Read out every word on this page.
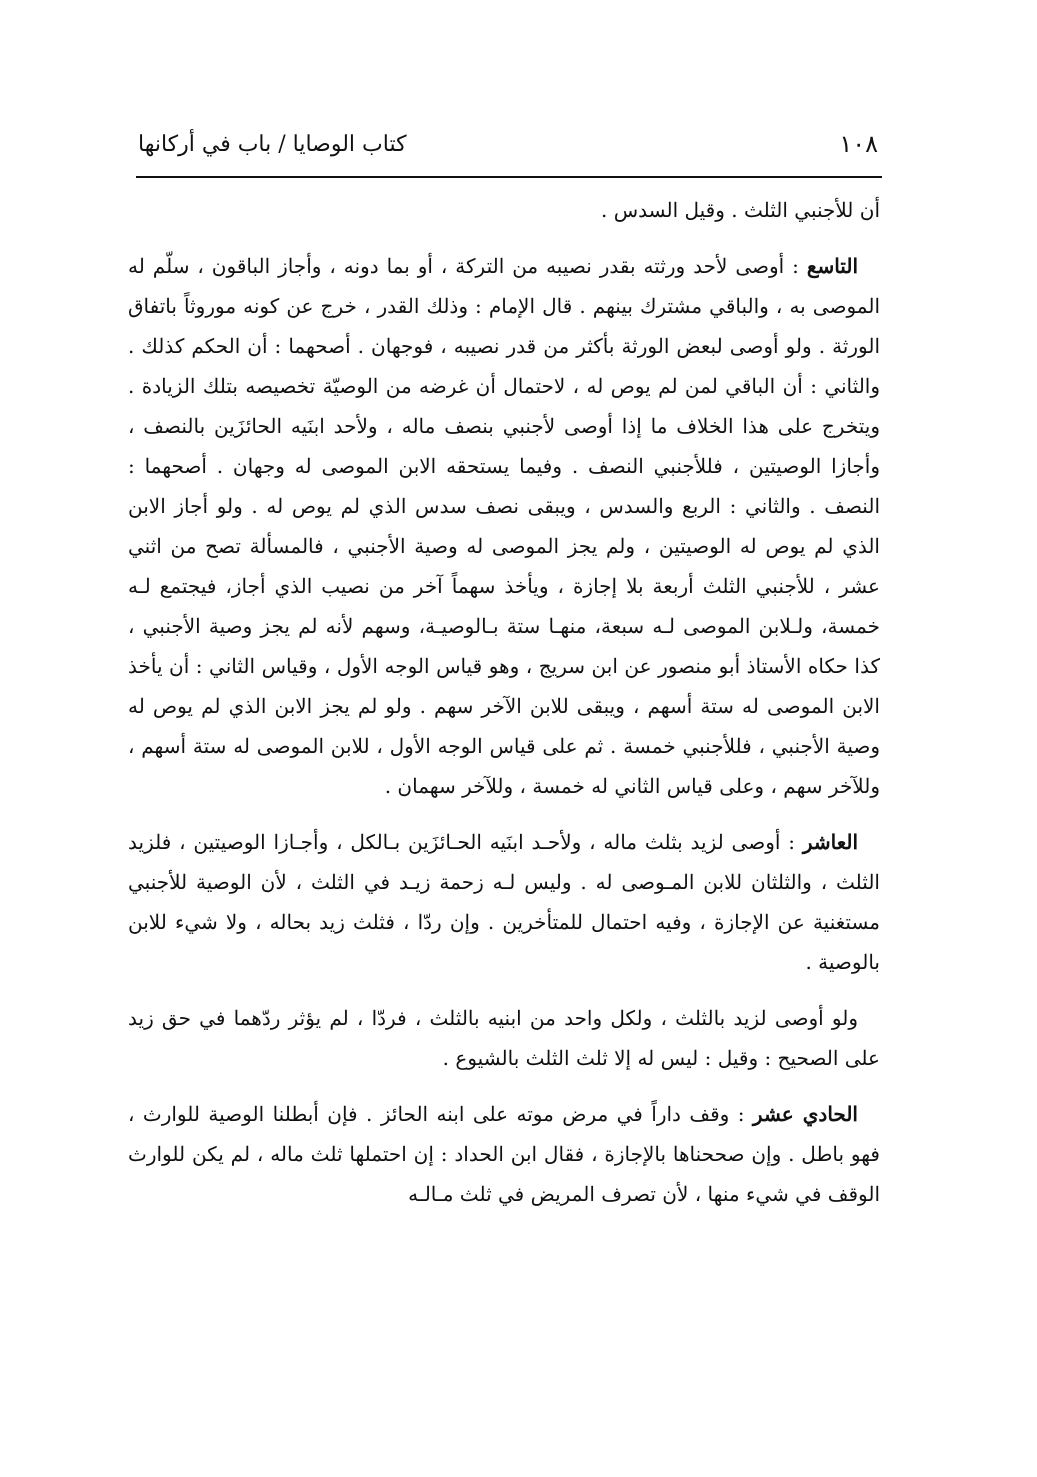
كتاب الوصايا / باب في أركانها	١٠٨

أن للأجنبي الثلث . وقيل السدس .

التاسع : أوصى لأحد ورثته بقدر نصيبه من التركة ، أو بما دونه ، وأجاز الباقون ، سلّم له الموصى به ، والباقي مشترك بينهم . قال الإمام : وذلك القدر ، خرج عن كونه موروثاً باتفاق الورثة . ولو أوصى لبعض الورثة بأكثر من قدر نصيبه ، فوجهان . أصحهما : أن الحكم كذلك . والثاني : أن الباقي لمن لم يوص له ، لاحتمال أن غرضه من الوصيّة تخصيصه بتلك الزيادة . ويتخرج على هذا الخلاف ما إذا أوصى لأجنبي بنصف ماله ، ولأحد ابنَيه الحائزَين بالنصف ، وأجازا الوصيتين ، فللأجنبي النصف . وفيما يستحقه الابن الموصى له وجهان . أصحهما : النصف . والثاني : الربع والسدس ، ويبقى نصف سدس الذي لم يوص له . ولو أجاز الابن الذي لم يوص له الوصيتين ، ولم يجز الموصى له وصية الأجنبي ، فالمسألة تصح من اثني عشر ، للأجنبي الثلث أربعة بلا إجازة ، ويأخذ سهماً آخر من نصيب الذي أجاز، فيجتمع لـه خمسة، ولـلابن الموصى لـه سبعة، منهـا ستة بـالوصيـة، وسهم لأنه لم يجز وصية الأجنبي ، كذا حكاه الأستاذ أبو منصور عن ابن سريج ، وهو قياس الوجه الأول ، وقياس الثاني : أن يأخذ الابن الموصى له ستة أسهم ، ويبقى للابن الآخر سهم . ولو لم يجز الابن الذي لم يوص له وصية الأجنبي ، فللأجنبي خمسة . ثم على قياس الوجه الأول ، للابن الموصى له ستة أسهم ، وللآخر سهم ، وعلى قياس الثاني له خمسة ، وللآخر سهمان .

العاشر : أوصى لزيد بثلث ماله ، ولأحـد ابنَيه الحـائزَين بـالكل ، وأجـازا الوصيتين ، فلزيد الثلث ، والثلثان للابن المـوصى له . وليس لـه زحمة زيـد في الثلث ، لأن الوصية للأجنبي مستغنية عن الإجازة ، وفيه احتمال للمتأخرين . وإن ردّا ، فثلث زيد بحاله ، ولا شيء للابن بالوصية .

ولو أوصى لزيد بالثلث ، ولكل واحد من ابنيه بالثلث ، فردّا ، لم يؤثر ردّهما في حق زيد على الصحيح : وقيل : ليس له إلا ثلث الثلث بالشيوع .

الحادي عشر : وقف داراً في مرض موته على ابنه الحائز . فإن أبطلنا الوصية للوارث ، فهو باطل . وإن صححناها بالإجازة ، فقال ابن الحداد : إن احتملها ثلث ماله ، لم يكن للوارث الوقف في شيء منها ، لأن تصرف المريض في ثلث مـالـه
